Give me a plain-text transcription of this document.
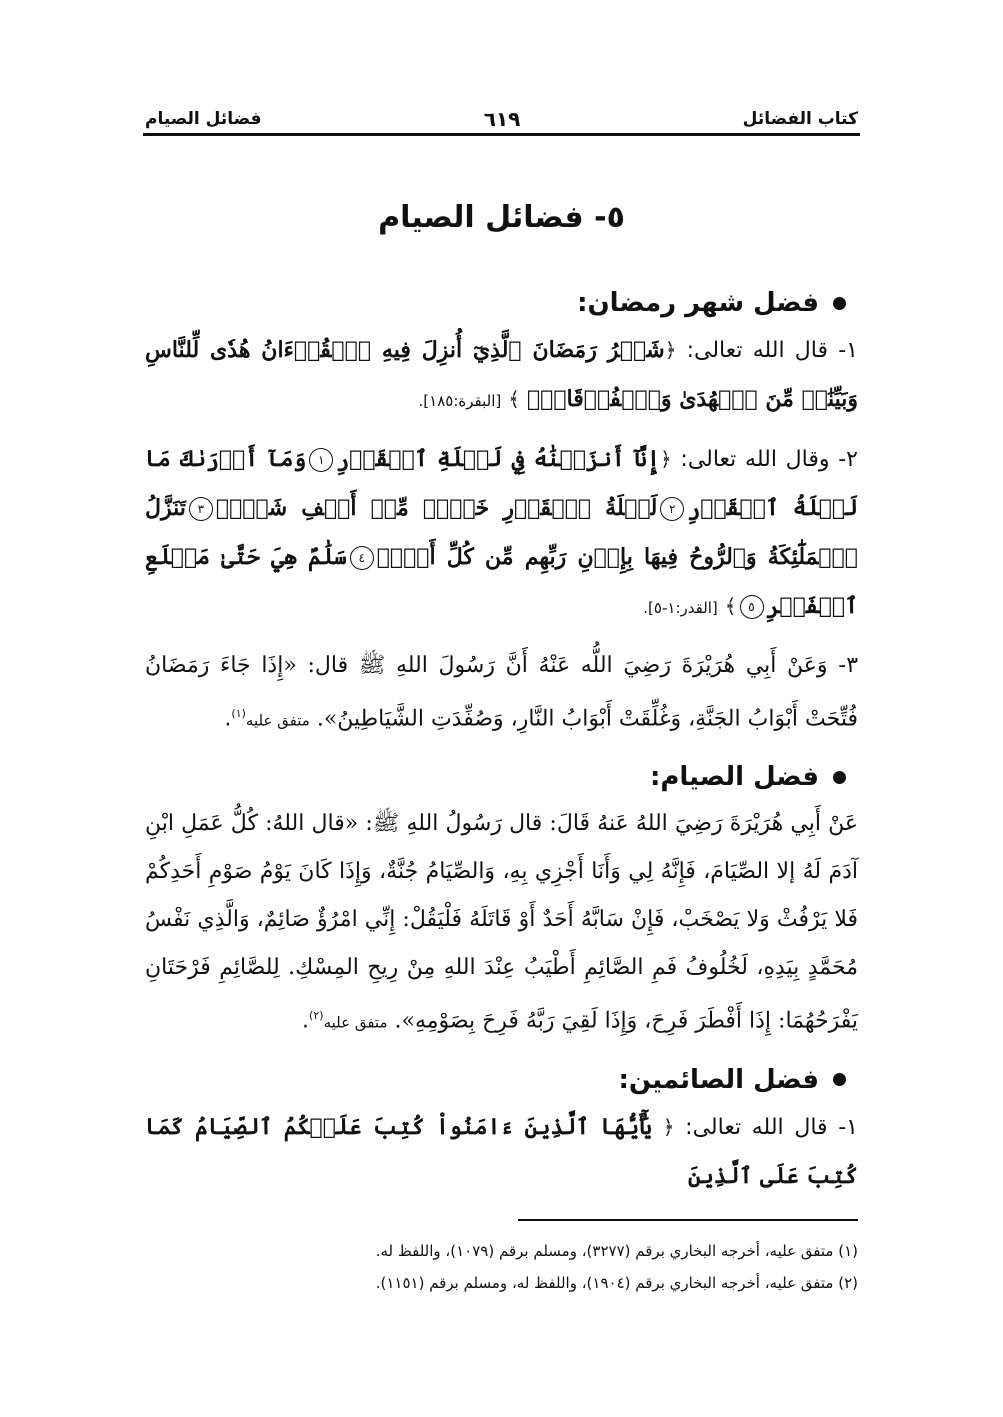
كتاب الفضائل
٦١٩
فضائل الصيام
٥- فضائل الصيام
فضل شهر رمضان:

١- قال الله تعالى: ﴿شَهۡرُ رَمَضَانَ ٱلَّذِيٓ أُنزِلَ فِيهِ ٱلۡقُرۡءَانُ هُدٗى لِّلنَّاسِ وَبَيِّنَٰتٖ مِّنَ ٱلۡهُدَىٰ وَٱلۡفُرۡقَانِۚ ﴾ [البقرة:١٨٥].

٢- وقال الله تعالى: ﴿إِنَّآ أَنزَلۡنَٰهُ فِي لَيۡلَةِ ٱلۡقَدۡرِ١وَمَآ أَدۡرَىٰكَ مَا لَيۡلَةُ ٱلۡقَدۡرِ٢لَيۡلَةُ ٱلۡقَدۡرِ خَيۡرٞ مِّنۡ أَلۡفِ شَهۡرٖ٣تَنَزَّلُ ٱلۡمَلَٰٓئِكَةُ وَٱلرُّوحُ فِيهَا بِإِذۡنِ رَبِّهِم مِّن كُلِّ أَمۡرٖ٤سَلَٰمٌ هِيَ حَتَّىٰ مَطۡلَعِ ٱلۡفَجۡرِ٥﴾ [القدر:١-٥].

٣- وَعَنْ أَبِي هُرَيْرَةَ رَضِيَ اللُّه عَنْهُ أَنَّ رَسُولَ اللهِ ﷺ قال: «إِذَا جَاءَ رَمَضَانُ فُتِّحَتْ أَبْوَابُ الجَنَّةِ، وَغُلِّقَتْ أَبْوَابُ النَّارِ، وَصُفِّدَتِ الشَّيَاطِينُ». متفق عليه$^{(١)}$.

فضل الصيام:

عَنْ أَبِي هُرَيْرَةَ رَضِيَ اللهُ عَنهُ قَالَ: قال رَسُولُ اللهِ ﷺ: «قال اللهُ: كُلُّ عَمَلِ ابْنِ آدَمَ لَهُ إلا الصِّيَامَ، فَإِنَّهُ لِي وَأَنَا أَجْزِي بِهِ، وَالصِّيَامُ جُنَّةٌ، وَإِذَا كَانَ يَوْمُ صَوْمِ أَحَدِكُمْ فَلا يَرْفُثْ وَلا يَصْخَبْ، فَإِنْ سَابَّهُ أَحَدٌ أَوْ قَاتَلَهُ فَلْيَقُلْ: إِنِّي امْرُؤٌ صَائِمٌ، وَالَّذِي نَفْسُ مُحَمَّدٍ بِيَدِهِ، لَخُلُوفُ فَمِ الصَّائِمِ أَطْيَبُ عِنْدَ اللهِ مِنْ رِيحِ المِسْكِ. لِلصَّائِمِ فَرْحَتَانِ يَفْرَحُهُمَا: إِذَا أَفْطَرَ فَرِحَ، وَإِذَا لَقِيَ رَبَّهُ فَرِحَ بِصَوْمِهِ». متفق عليه$^{(٢)}$.

فضل الصائمين:

١- قال الله تعالى: ﴿ يَٰٓأَيُّهَا ٱلَّذِينَ ءَامَنُواْ كُتِبَ عَلَيۡكُمُ ٱلصِّيَامُ كَمَا كُتِبَ عَلَى ٱلَّذِينَ

(١) متفق عليه، أخرجه البخاري برقم (٣٢٧٧)، ومسلم برقم (١٠٧٩)، واللفظ له.

(٢) متفق عليه، أخرجه البخاري برقم (١٩٠٤)، واللفظ له، ومسلم برقم (١١٥١).
